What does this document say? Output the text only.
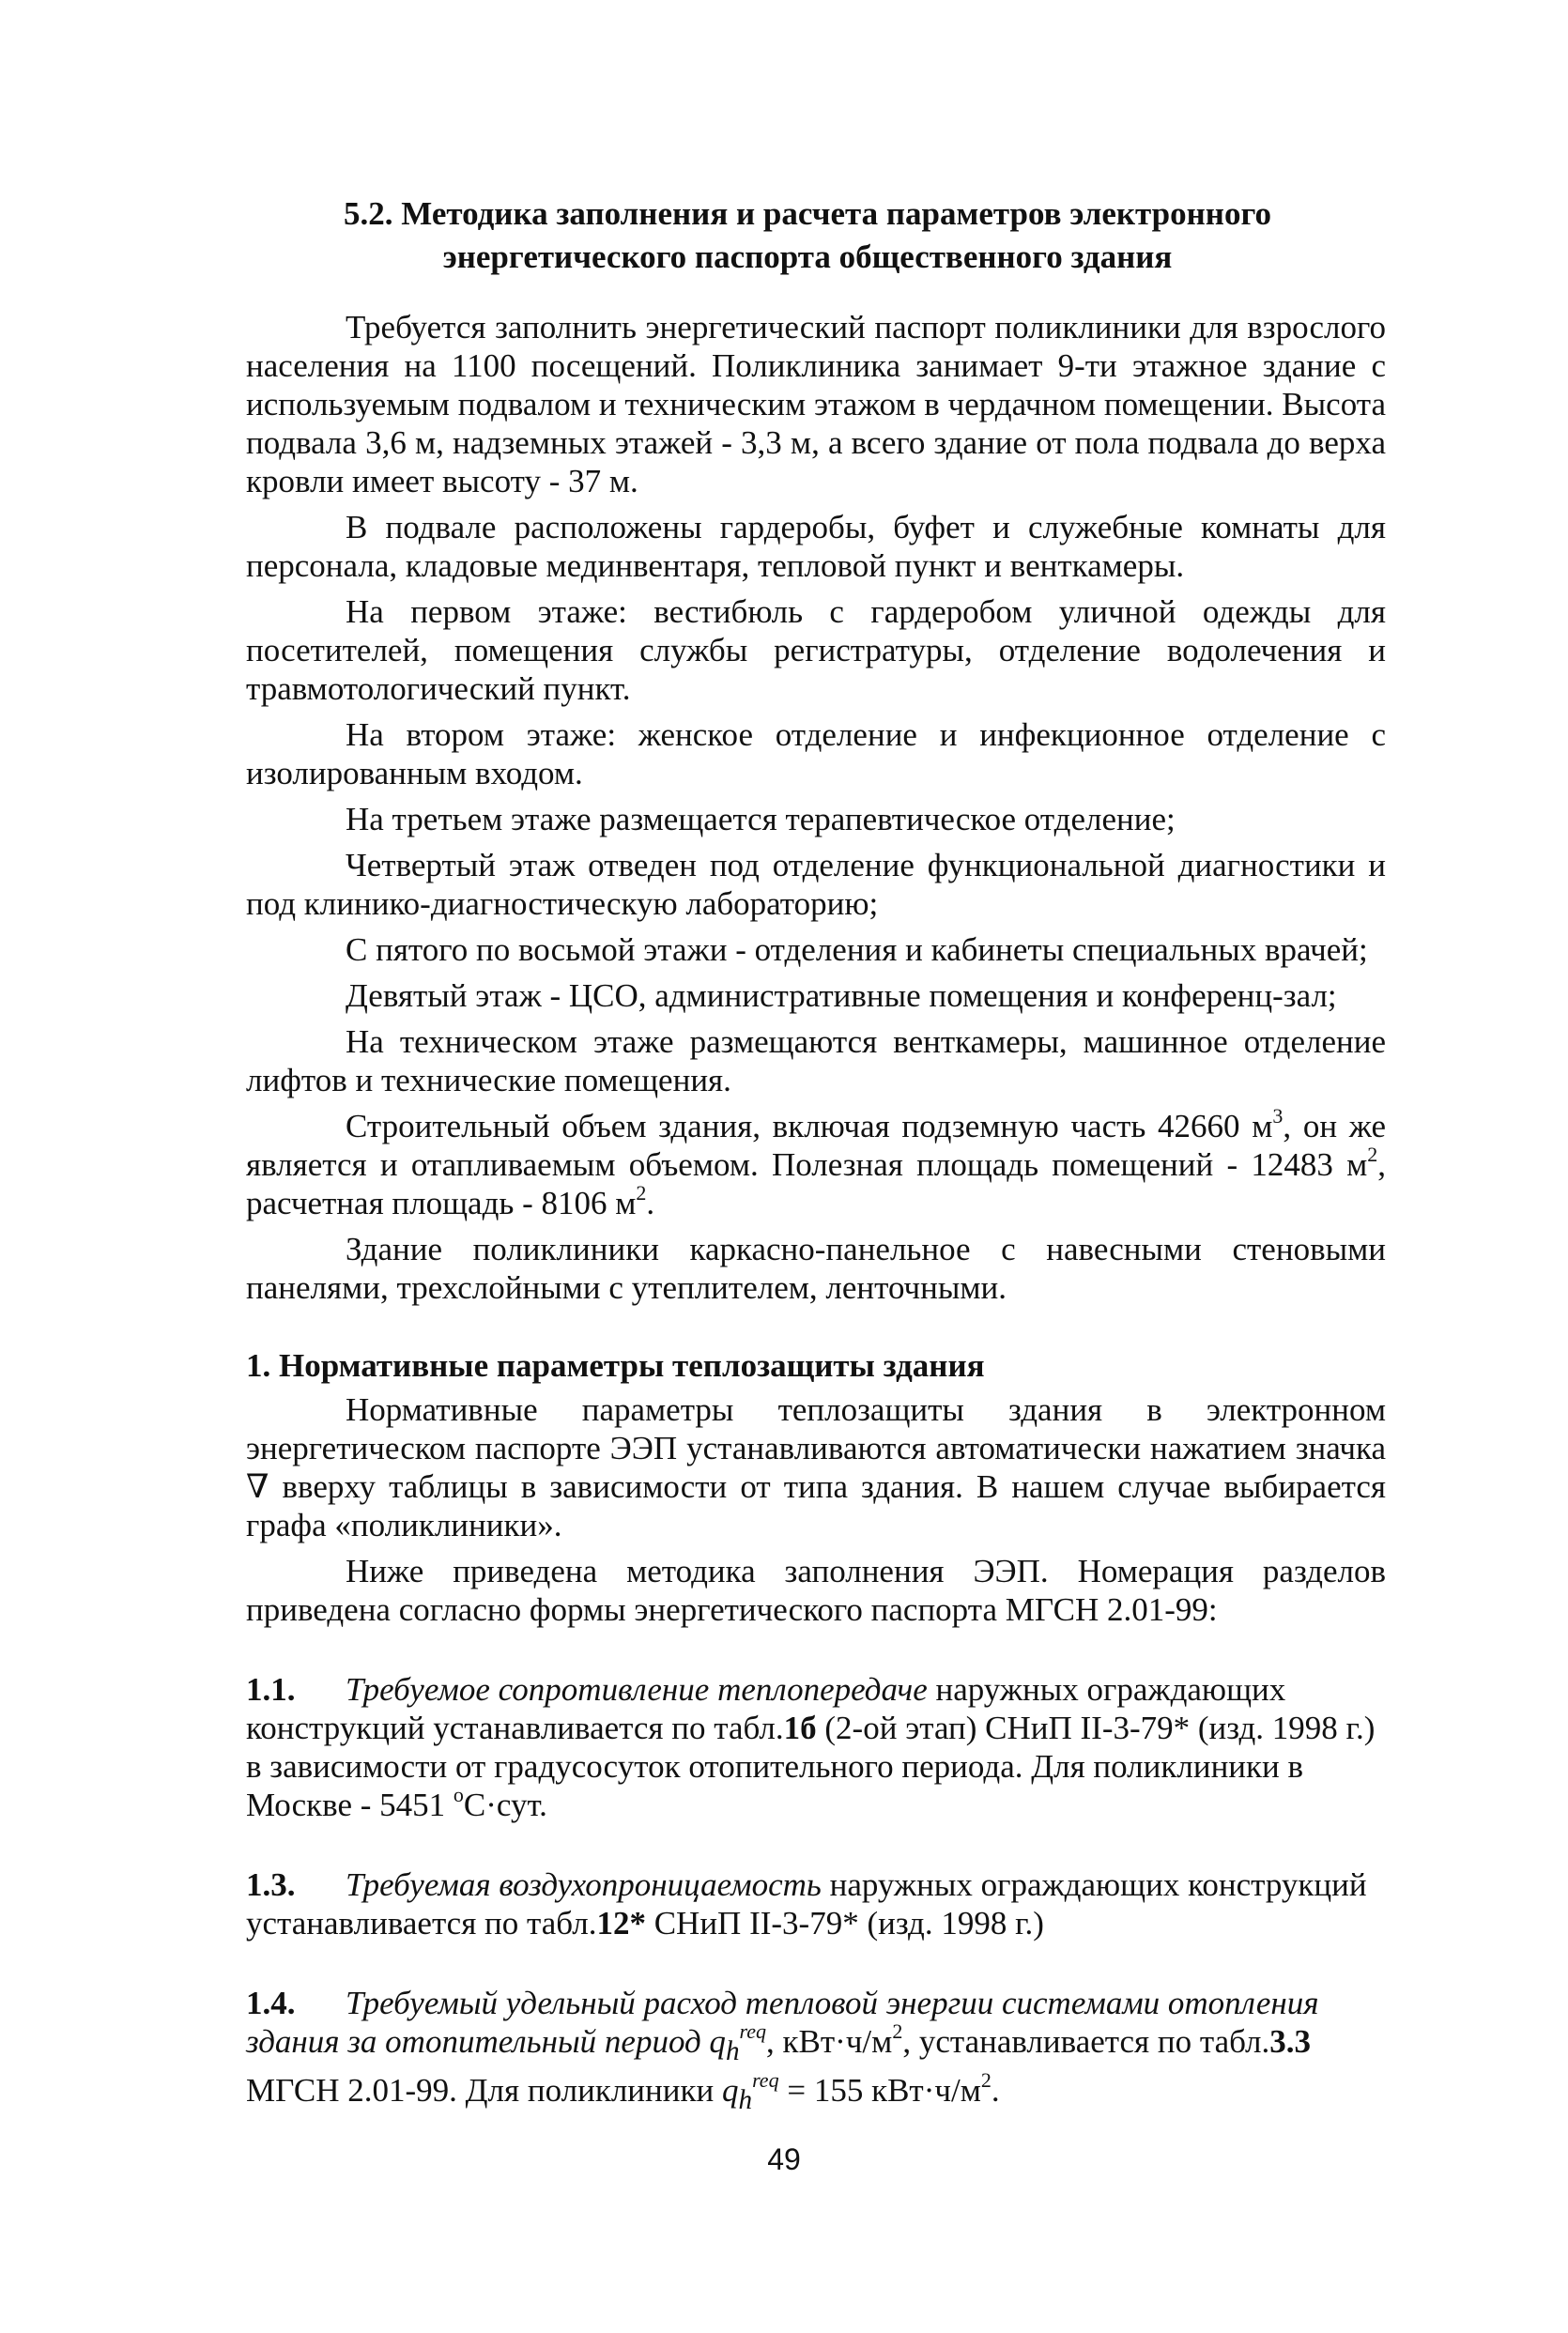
5.2. Методика заполнения и расчета параметров электронного
энергетического паспорта общественного здания

Требуется заполнить энергетический паспорт поликлиники для взрослого населения на 1100 посещений. Поликлиника занимает 9-ти этажное здание с используемым подвалом и техническим этажом в чердачном помещении. Высота подвала 3,6 м, надземных этажей - 3,3 м, а всего здание от пола подвала до верха кровли имеет высоту - 37 м.

В подвале расположены гардеробы, буфет и служебные комнаты для персонала, кладовые мединвентаря, тепловой пункт и венткамеры.

На первом этаже: вестибюль с гардеробом уличной одежды для посетителей, помещения службы регистратуры, отделение водолечения и травмотологический пункт.

На втором этаже: женское отделение и инфекционное отделение с изолированным входом.

На третьем этаже размещается терапевтическое отделение;

Четвертый этаж отведен под отделение функциональной диагностики и под клинико-диагностическую лабораторию;

С пятого по восьмой этажи - отделения и кабинеты специальных врачей;

Девятый этаж - ЦСО, административные помещения и конференц-зал;

На техническом этаже размещаются венткамеры, машинное отделение лифтов и технические помещения.

Строительный объем здания, включая подземную часть 42660 $м^3$, он же является и отапливаемым объемом. Полезная площадь помещений - 12483 $м^2$, расчетная площадь - 8106 $м^2$.

Здание поликлиники каркасно-панельное с навесными стеновыми панелями, трехслойными с утеплителем, ленточными.

1. Нормативные параметры теплозащиты здания

Нормативные параметры теплозащиты здания в электронном энергетическом паспорте ЭЭП устанавливаются автоматически нажатием значка ∇ вверху таблицы в зависимости от типа здания. В нашем случае выбирается графа «поликлиники».

Ниже приведена методика заполнения ЭЭП. Номерация разделов приведена согласно формы энергетического паспорта МГСН 2.01-99:

1.1. Требуемое сопротивление теплопередаче наружных ограждающих конструкций устанавливается по табл.1б (2-ой этап) СНиП II-3-79* (изд. 1998 г.) в зависимости от градусосуток отопительного периода. Для поликлиники в Москве - 5451 $^о$С·сут.

1.3. Требуемая воздухопроницаемость наружных ограждающих конструкций устанавливается по табл.12* СНиП II-3-79* (изд. 1998 г.)

1.4. Требуемый удельный расход тепловой энергии системами отопления здания за отопительный период $q_h^{req}$, $кВт\cdot ч/м^2$, устанавливается по табл.3.3 МГСН 2.01-99. Для поликлиники $q_h^{req} = 155$ $кВт\cdot ч/м^2$.

49
